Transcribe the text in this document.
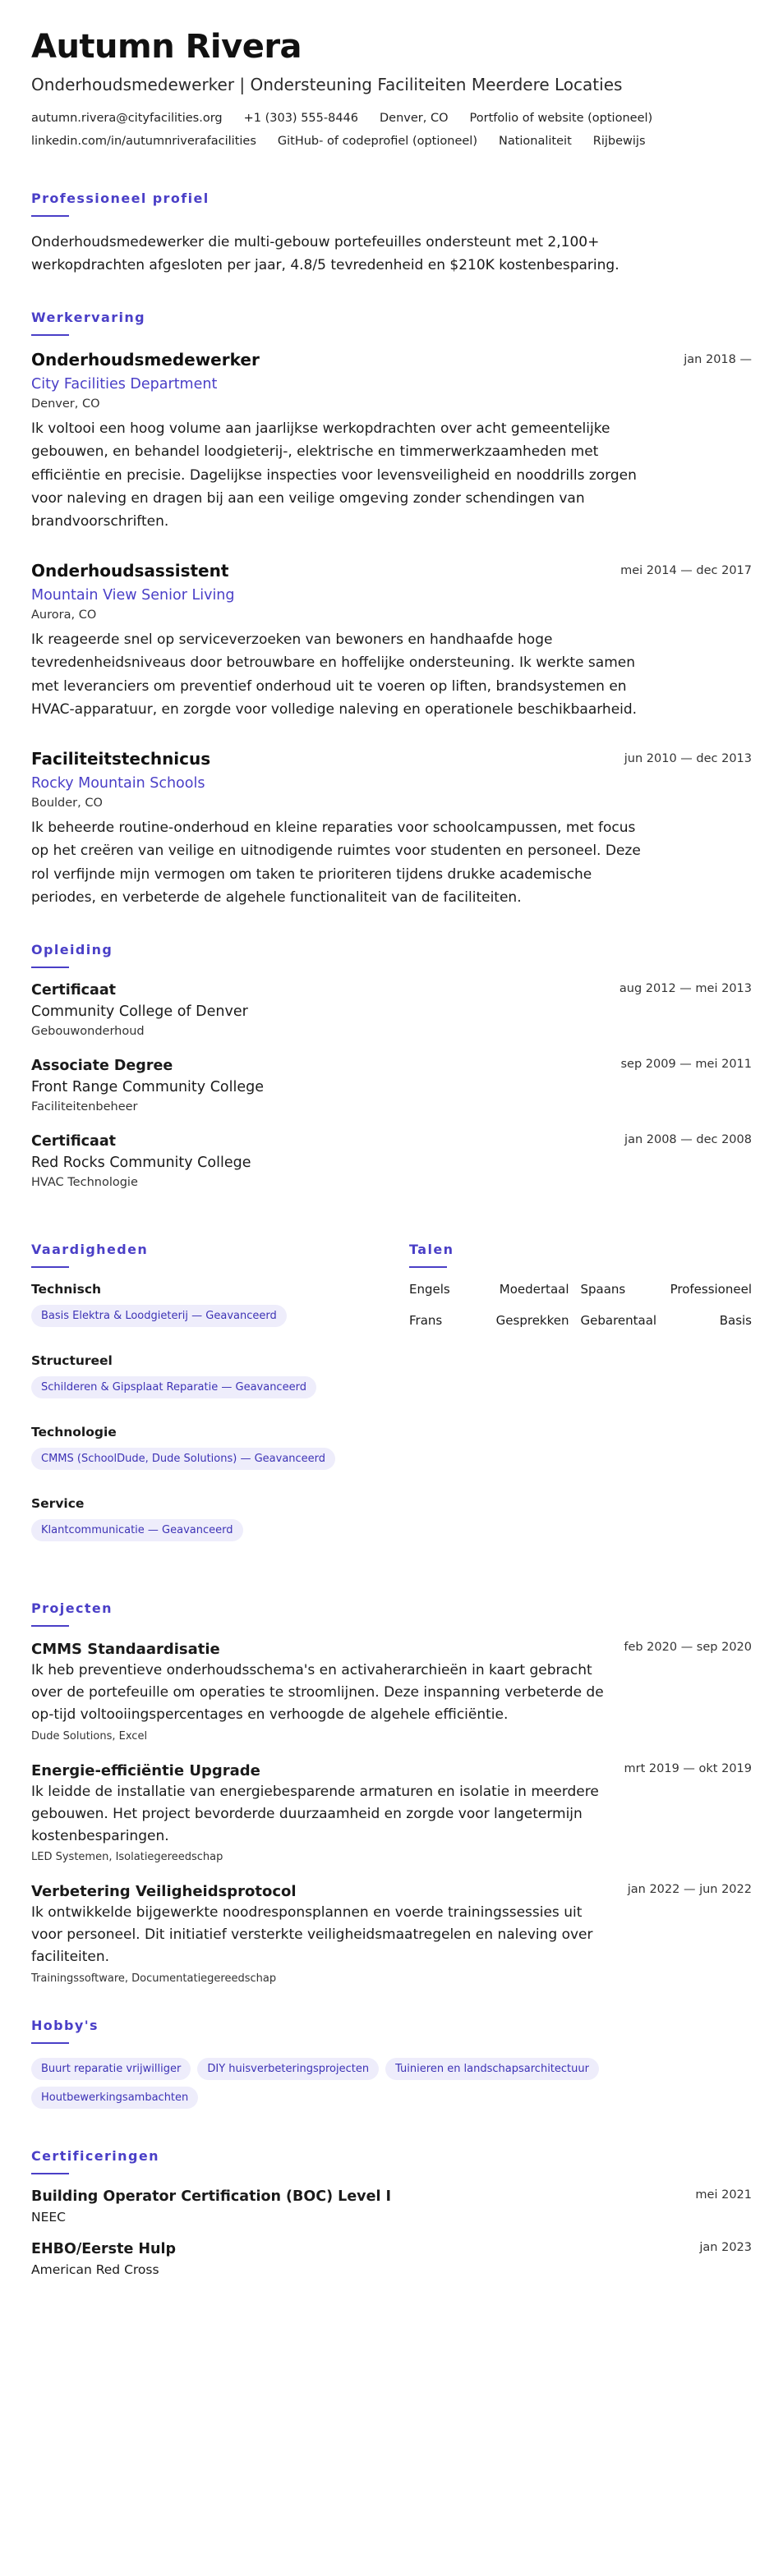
Autumn Rivera
Onderhoudsmedewerker | Ondersteuning Faciliteiten Meerdere Locaties
autumn.rivera@cityfacilities.org +1 (303) 555-8446 Denver, CO Portfolio of website (optioneel)
linkedin.com/in/autumnriverafacilities GitHub- of codeprofiel (optioneel) Nationaliteit Rijbewijs
Professioneel profiel

Onderhoudsmedewerker die multi-gebouw portefeuilles ondersteunt met 2,100+ werkopdrachten afgesloten per jaar, 4.8/5 tevredenheid en $210K kostenbesparing.

Werkervaring
Onderhoudsmedewerker	jan 2018 —
City Facilities Department
Denver, CO

Ik voltooi een hoog volume aan jaarlijkse werkopdrachten over acht gemeentelijke gebouwen, en behandel loodgieterij-, elektrische en timmerwerkzaamheden met efficiëntie en precisie. Dagelijkse inspecties voor levensveiligheid en nooddrills zorgen voor naleving en dragen bij aan een veilige omgeving zonder schendingen van brandvoorschriften.

Onderhoudsassistent	mei 2014 — dec 2017
Mountain View Senior Living
Aurora, CO

Ik reageerde snel op serviceverzoeken van bewoners en handhaafde hoge tevredenheidsniveaus door betrouwbare en hoffelijke ondersteuning. Ik werkte samen met leveranciers om preventief onderhoud uit te voeren op liften, brandsystemen en HVAC-apparatuur, en zorgde voor volledige naleving en operationele beschikbaarheid.

Faciliteitstechnicus	jun 2010 — dec 2013
Rocky Mountain Schools
Boulder, CO

Ik beheerde routine-onderhoud en kleine reparaties voor schoolcampussen, met focus op het creëren van veilige en uitnodigende ruimtes voor studenten en personeel. Deze rol verfijnde mijn vermogen om taken te prioriteren tijdens drukke academische periodes, en verbeterde de algehele functionaliteit van de faciliteiten.

Opleiding
Certificaat	aug 2012 — mei 2013
Community College of Denver
Gebouwonderhoud
Associate Degree	sep 2009 — mei 2011
Front Range Community College
Faciliteitenbeheer
Certificaat	jan 2008 — dec 2008
Red Rocks Community College
HVAC Technologie
Vaardigheden
Technisch
Basis Elektra & Loodgieterij — Geavanceerd
Structureel
Schilderen & Gipsplaat Reparatie — Geavanceerd
Technologie
CMMS (SchoolDude, Dude Solutions) — Geavanceerd
Service
Klantcommunicatie — Geavanceerd
Talen
Engels	Moedertaal Spaans	Professioneel
Frans	Gesprekken Gebarentaal	Basis
Projecten
CMMS Standaardisatie	feb 2020 — sep 2020

Ik heb preventieve onderhoudsschema's en activaherarchieën in kaart gebracht over de portefeuille om operaties te stroomlijnen. Deze inspanning verbeterde de op-tijd voltooiingspercentages en verhoogde de algehele efficiëntie.

Dude Solutions, Excel
Energie-efficiëntie Upgrade	mrt 2019 — okt 2019

Ik leidde de installatie van energiebesparende armaturen en isolatie in meerdere gebouwen. Het project bevorderde duurzaamheid en zorgde voor langetermijn kostenbesparingen.

LED Systemen, Isolatiegereedschap
Verbetering Veiligheidsprotocol	jan 2022 — jun 2022

Ik ontwikkelde bijgewerkte noodresponsplannen en voerde trainingssessies uit voor personeel. Dit initiatief versterkte veiligheidsmaatregelen en naleving over faciliteiten.

Trainingssoftware, Documentatiegereedschap
Hobby's
Buurt reparatie vrijwilliger DIY huisverbeteringsprojecten Tuinieren en landschapsarchitectuurHoutbewerkingsambachten
Certificeringen
Building Operator Certification (BOC) Level I	mei 2021
NEEC
EHBO/Eerste Hulp	jan 2023
American Red Cross
